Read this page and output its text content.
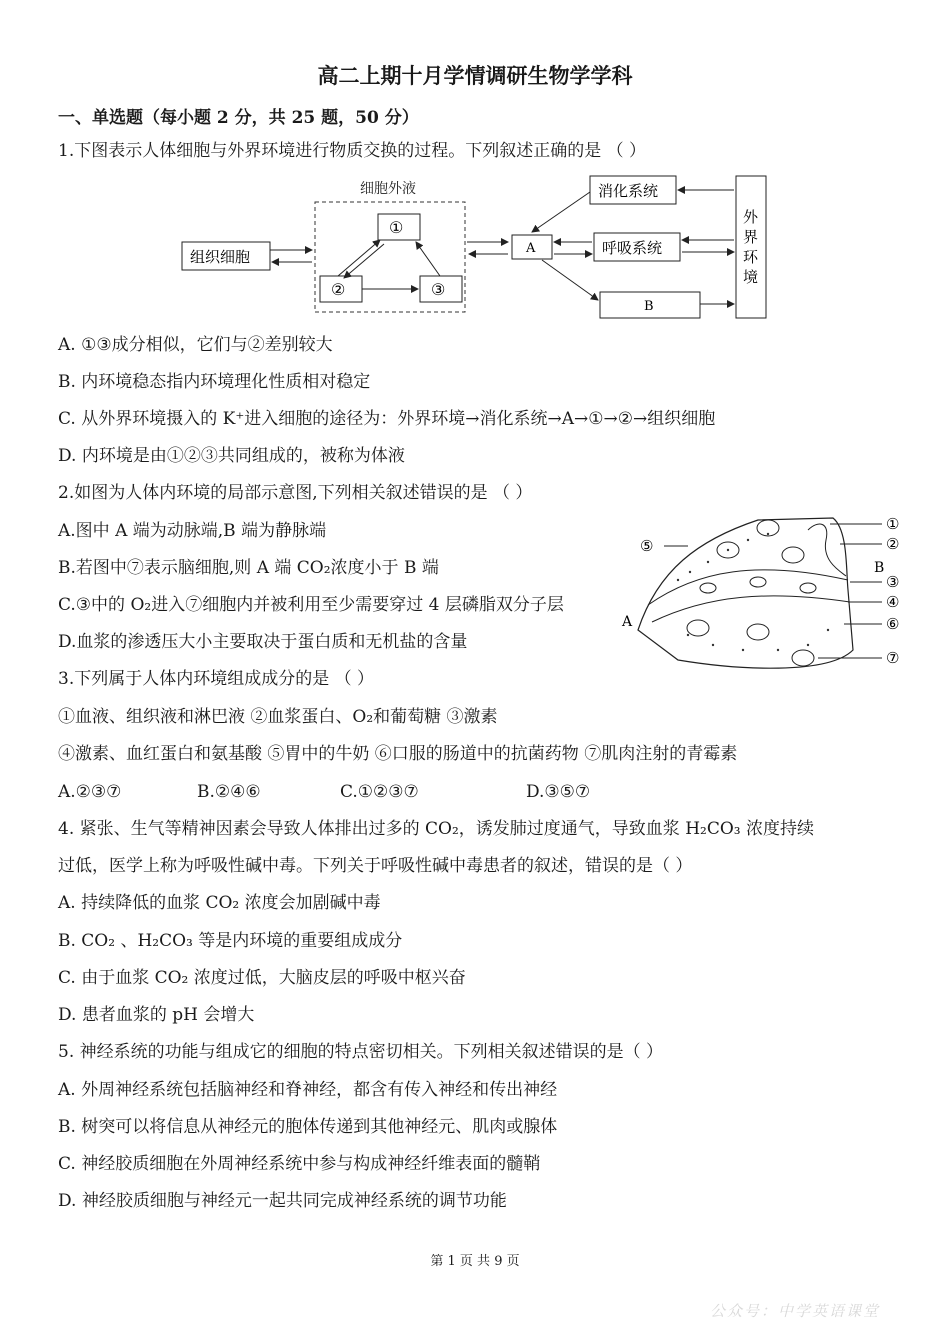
高二上期十月学情调研生物学学科
一、单选题（每小题 2 分，共 25 题，50 分）
1.下图表示人体细胞与外界环境进行物质交换的过程。下列叙述正确的是 （ ）
细胞外液
①
②	③
组织细胞	A
消化系统
呼吸系统
B
外
界
环
境
A. ①③成分相似，它们与②差别较大
B. 内环境稳态指内环境理化性质相对稳定
C. 从外界环境摄入的 K⁺进入细胞的途径为：外界环境→消化系统→A→①→②→组织细胞
D. 内环境是由①②③共同组成的，被称为体液
2.如图为人体内环境的局部示意图,下列相关叙述错误的是 （ ）
A.图中 A 端为动脉端,B 端为静脉端
B.若图中⑦表示脑细胞,则 A 端 CO₂浓度小于 B 端
C.③中的 O₂进入⑦细胞内并被利用至少需要穿过 4 层磷脂双分子层
D.血浆的渗透压大小主要取决于蛋白质和无机盐的含量
①
②
③
④
⑤
⑥
⑦
A
B
3.下列属于人体内环境组成成分的是 （ ）
①血液、组织液和淋巴液 ②血浆蛋白、O₂和葡萄糖 ③激素
④激素、血红蛋白和氨基酸 ⑤胃中的牛奶 ⑥口服的肠道中的抗菌药物 ⑦肌肉注射的青霉素
A.②③⑦	B.②④⑥	C.①②③⑦	D.③⑤⑦
4. 紧张、生气等精神因素会导致人体排出过多的 CO₂，诱发肺过度通气，导致血浆 H₂CO₃ 浓度持续
过低，医学上称为呼吸性碱中毒。下列关于呼吸性碱中毒患者的叙述，错误的是（ ）
A. 持续降低的血浆 CO₂ 浓度会加剧碱中毒
B. CO₂ 、H₂CO₃ 等是内环境的重要组成成分
C. 由于血浆 CO₂ 浓度过低，大脑皮层的呼吸中枢兴奋
D. 患者血浆的 pH 会增大
5. 神经系统的功能与组成它的细胞的特点密切相关。下列相关叙述错误的是（ ）
A. 外周神经系统包括脑神经和脊神经，都含有传入神经和传出神经
B. 树突可以将信息从神经元的胞体传递到其他神经元、肌肉或腺体
C. 神经胶质细胞在外周神经系统中参与构成神经纤维表面的髓鞘
D. 神经胶质细胞与神经元一起共同完成神经系统的调节功能
第 1 页 共 9 页
公众号：中学英语课堂
